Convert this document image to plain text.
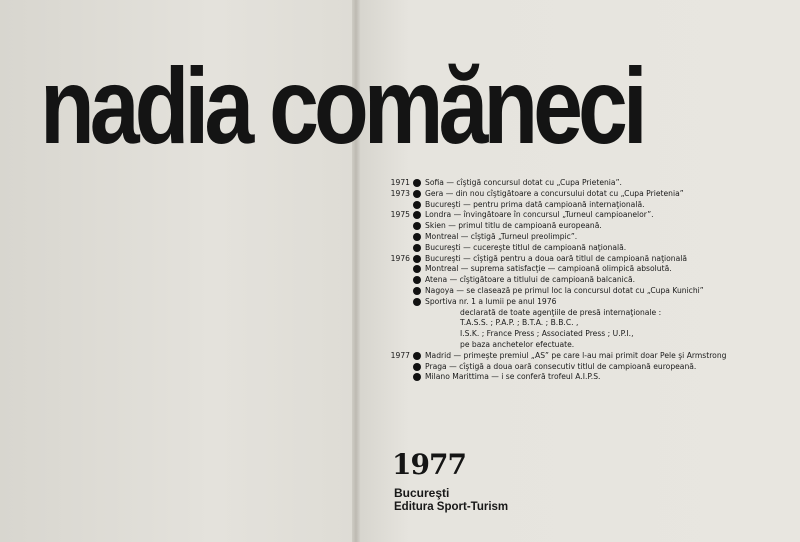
nadia comăneci
1971	Sofia — cîştigă concursul dotat cu „Cupa Prietenia”.
1973	Gera — din nou cîştigătoare a concursului dotat cu „Cupa Prietenia”
Bucureşti — pentru prima dată campioană internaţională.
1975	Londra — învingătoare în concursul „Turneul campioanelor”.
Skien — primul titlu de campioană europeană.
Montreal — cîştigă „Turneul preolimpic”.
Bucureşti — cucereşte titlul de campioană naţională.
1976	Bucureşti — cîştigă pentru a doua oară titlul de campioană naţională
Montreal — suprema satisfacţie — campioană olimpică absolută.
Atena — cîştigătoare a titlului de campioană balcanică.
Nagoya — se clasează pe primul loc la concursul dotat cu „Cupa Kunichi”
Sportiva nr. 1 a lumii pe anul 1976
declarată de toate agenţiile de presă internaţionale :
T.A.S.S. ; P.A.P. ; B.T.A. ; B.B.C. ,
I.S.K. ; France Press ; Associated Press ; U.P.I.,
pe baza anchetelor efectuate.
1977	Madrid — primeşte premiul „AS” pe care l-au mai primit doar Pele şi Armstrong
Praga — cîştigă a doua oară consecutiv titlul de campioană europeană.
Milano Marittima — i se conferă trofeul A.I.P.S.
1977
Bucureşti
Editura Sport-Turism
